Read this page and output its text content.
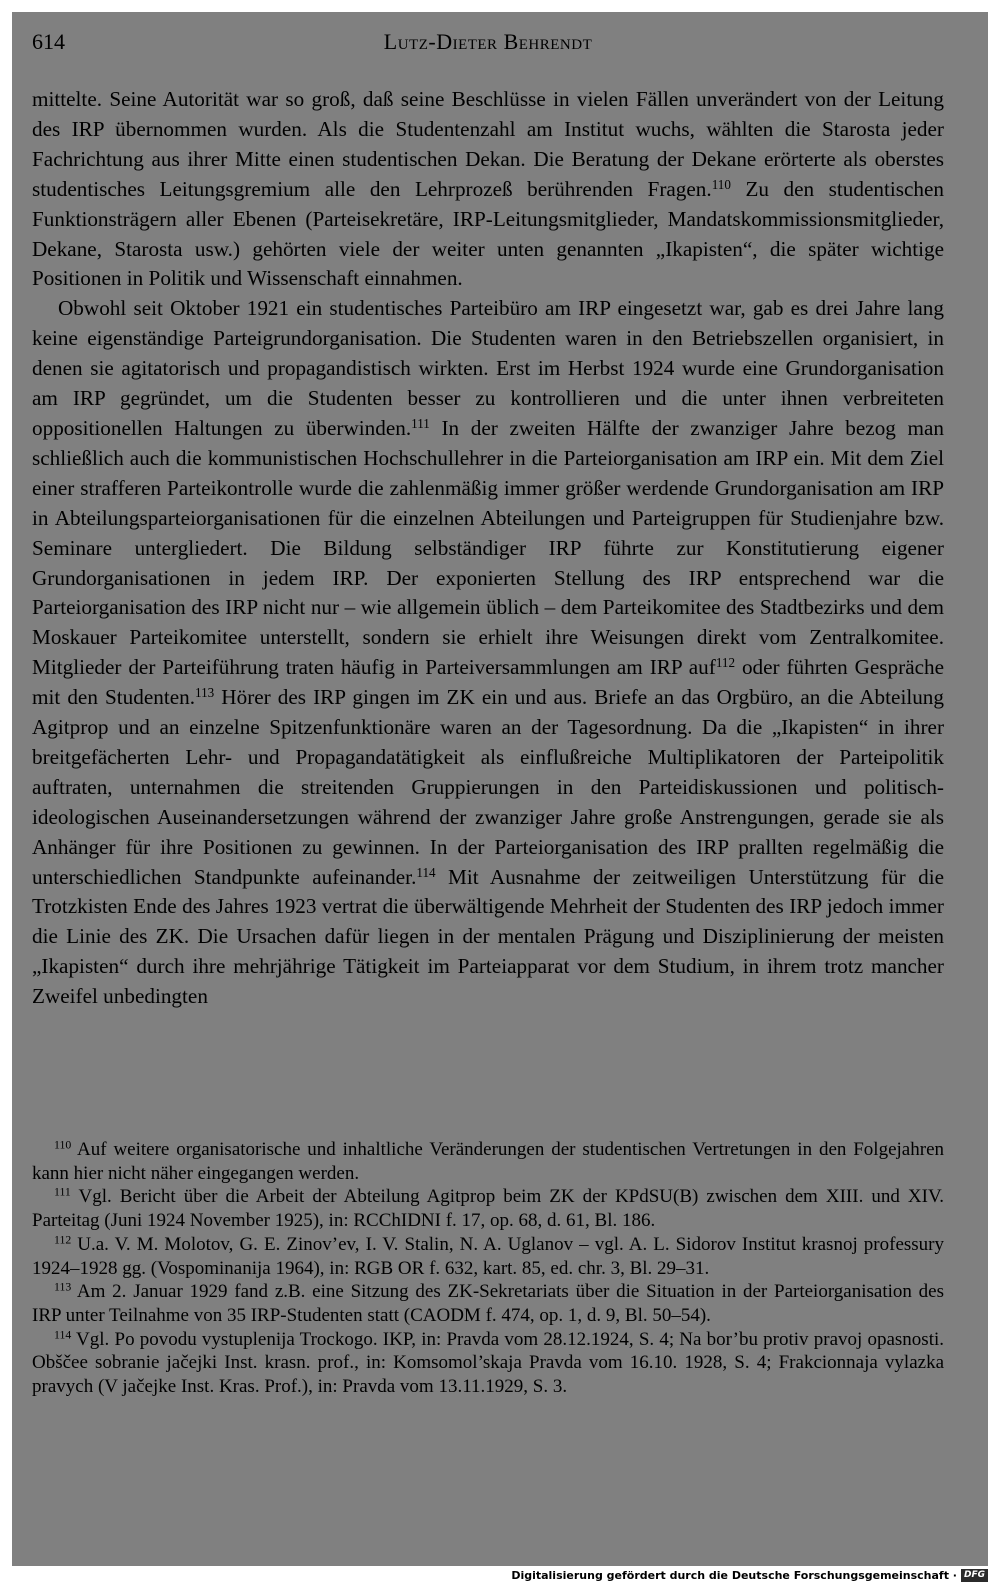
614	Lutz-Dieter Behrendt

mittelte. Seine Autorität war so groß, daß seine Beschlüsse in vielen Fällen unverändert von der Leitung des IRP übernommen wurden. Als die Studentenzahl am Institut wuchs, wählten die Starosta jeder Fachrichtung aus ihrer Mitte einen studentischen Dekan. Die Beratung der Dekane erörterte als oberstes studentisches Leitungsgremium alle den Lehrprozeß berührenden Fragen.$^{110}$ Zu den studentischen Funktionsträgern aller Ebenen (Parteisekretäre, IRP-Leitungsmitglieder, Mandatskommissionsmitglieder, Dekane, Starosta usw.) gehörten viele der weiter unten genannten „Ikapisten“, die später wichtige Positionen in Politik und Wissenschaft einnahmen.

Obwohl seit Oktober 1921 ein studentisches Parteibüro am IRP eingesetzt war, gab es drei Jahre lang keine eigenständige Parteigrundorganisation. Die Studenten waren in den Betriebszellen organisiert, in denen sie agitatorisch und propagandistisch wirkten. Erst im Herbst 1924 wurde eine Grundorganisation am IRP gegründet, um die Studenten besser zu kontrollieren und die unter ihnen verbreiteten oppositionellen Haltungen zu überwinden.$^{111}$ In der zweiten Hälfte der zwanziger Jahre bezog man schließlich auch die kommunistischen Hochschullehrer in die Parteiorganisation am IRP ein. Mit dem Ziel einer strafferen Parteikontrolle wurde die zahlenmäßig immer größer werdende Grundorganisation am IRP in Abteilungsparteiorganisationen für die einzelnen Abteilungen und Parteigruppen für Studienjahre bzw. Seminare untergliedert. Die Bildung selbständiger IRP führte zur Konstitutierung eigener Grundorganisationen in jedem IRP. Der exponierten Stellung des IRP entsprechend war die Parteiorganisation des IRP nicht nur – wie allgemein üblich – dem Parteikomitee des Stadtbezirks und dem Moskauer Parteikomitee unterstellt, sondern sie erhielt ihre Weisungen direkt vom Zentralkomitee. Mitglieder der Parteiführung traten häufig in Parteiversammlungen am IRP auf$^{112}$ oder führten Gespräche mit den Studenten.$^{113}$ Hörer des IRP gingen im ZK ein und aus. Briefe an das Orgbüro, an die Abteilung Agitprop und an einzelne Spitzenfunktionäre waren an der Tagesordnung. Da die „Ikapisten“ in ihrer breitgefächerten Lehr- und Propagandatätigkeit als einflußreiche Multiplikatoren der Parteipolitik auftraten, unternahmen die streitenden Gruppierungen in den Parteidiskussionen und politisch-ideologischen Auseinandersetzungen während der zwanziger Jahre große Anstrengungen, gerade sie als Anhänger für ihre Positionen zu gewinnen. In der Parteiorganisation des IRP prallten regelmäßig die unterschiedlichen Standpunkte aufeinander.$^{114}$ Mit Ausnahme der zeitweiligen Unterstützung für die Trotzkisten Ende des Jahres 1923 vertrat die überwältigende Mehrheit der Studenten des IRP jedoch immer die Linie des ZK. Die Ursachen dafür liegen in der mentalen Prägung und Disziplinierung der meisten „Ikapisten“ durch ihre mehrjährige Tätigkeit im Parteiapparat vor dem Studium, in ihrem trotz mancher Zweifel unbedingten

$^{110}$ Auf weitere organisatorische und inhaltliche Veränderungen der studentischen Vertretungen in den Folgejahren kann hier nicht näher eingegangen werden.

$^{111}$ Vgl. Bericht über die Arbeit der Abteilung Agitprop beim ZK der KPdSU(B) zwischen dem XIII. und XIV. Parteitag (Juni 1924 November 1925), in: RCChIDNI f. 17, op. 68, d. 61, Bl. 186.

$^{112}$ U.a. V. M. Molotov, G. E. Zinov’ev, I. V. Stalin, N. A. Uglanov – vgl. A. L. Sidorov Institut krasnoj professury 1924–1928 gg. (Vospominanija 1964), in: RGB OR f. 632, kart. 85, ed. chr. 3, Bl. 29–31.

$^{113}$ Am 2. Januar 1929 fand z.B. eine Sitzung des ZK-Sekretariats über die Situation in der Parteiorganisation des IRP unter Teilnahme von 35 IRP-Studenten statt (CAODM f. 474, op. 1, d. 9, Bl. 50–54).

$^{114}$ Vgl. Po povodu vystuplenija Trockogo. IKP, in: Pravda vom 28.12.1924, S. 4; Na bor’bu protiv pravoj opasnosti. Obščee sobranie jačejki Inst. krasn. prof., in: Komsomol’skaja Pravda vom 16.10. 1928, S. 4; Frakcionnaja vylazka pravych (V jačejke Inst. Kras. Prof.), in: Pravda vom 13.11.1929, S. 3.

Digitalisierung gefördert durch die Deutsche Forschungsgemeinschaft · DFG
